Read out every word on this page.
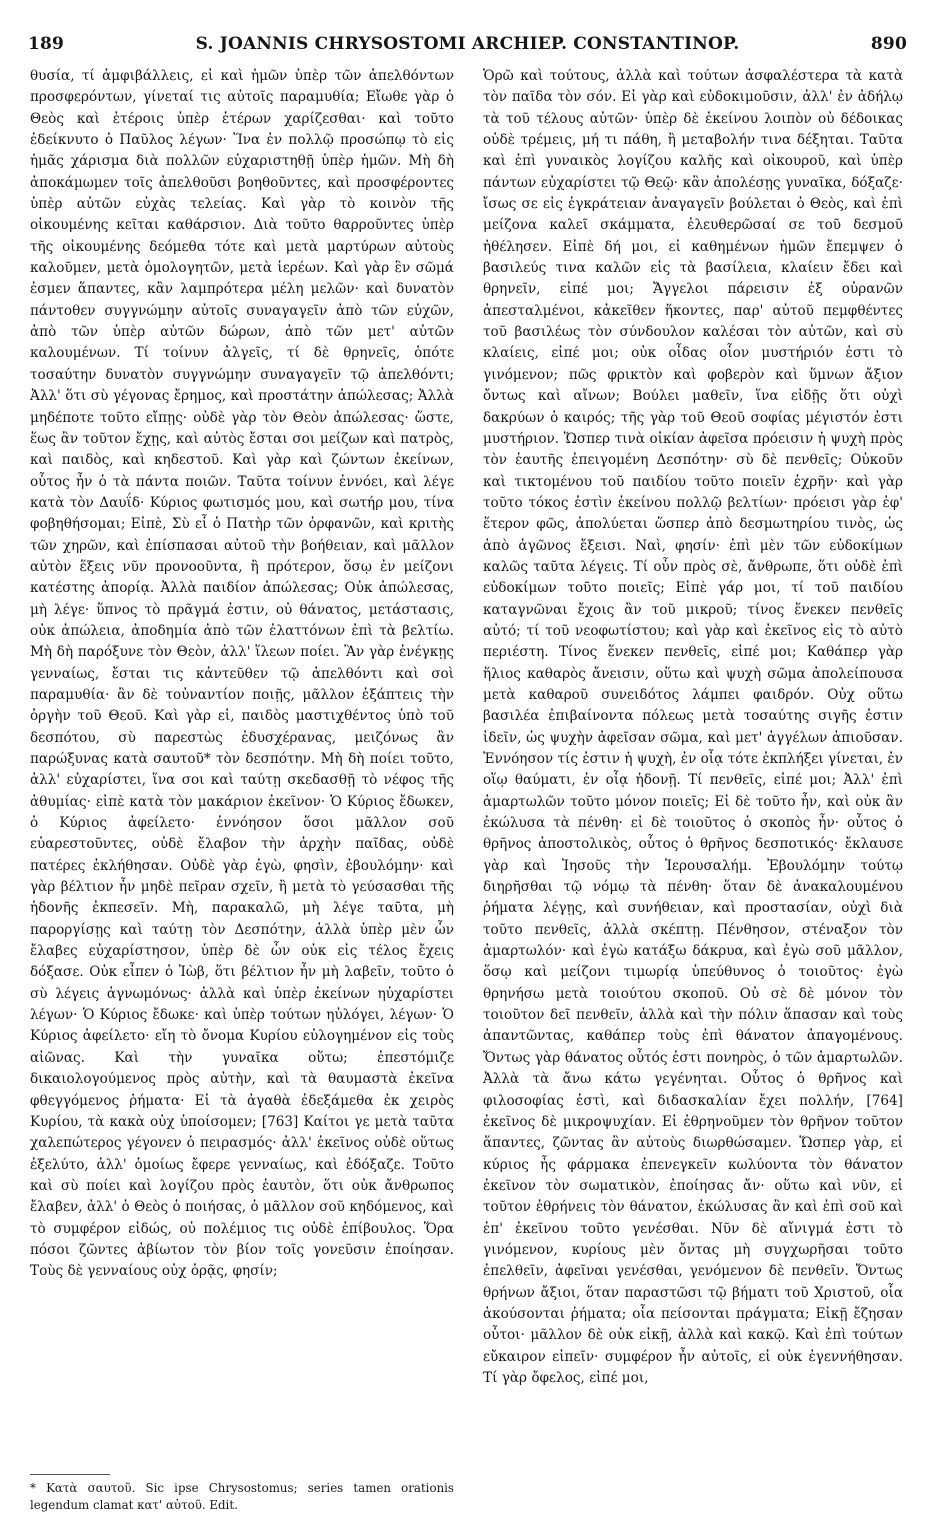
189	S. JOANNIS CHRYSOSTOMI ARCHIEP. CONSTANTINOP.	890

θυσία, τί ἀμφιβάλλεις, εἰ καὶ ἡμῶν ὑπὲρ τῶν ἀπελθόντων προσφερόντων, γίνεταί τις αὐτοῖς παραμυθία; Εἴωθε γὰρ ὁ Θεὸς καὶ ἑτέροις ὑπὲρ ἑτέρων χαρίζεσθαι· καὶ τοῦτο ἐδείκνυτο ὁ Παῦλος λέγων· Ἵνα ἐν πολλῷ προσώπῳ τὸ εἰς ἡμᾶς χάρισμα διὰ πολλῶν εὐχαριστηθῇ ὑπὲρ ἡμῶν. Μὴ δὴ ἀποκάμωμεν τοῖς ἀπελθοῦσι βοηθοῦντες, καὶ προσφέροντες ὑπὲρ αὐτῶν εὐχὰς τελείας. Καὶ γὰρ τὸ κοινὸν τῆς οἰκουμένης κεῖται καθάρσιον. Διὰ τοῦτο θαρροῦντες ὑπὲρ τῆς οἰκουμένης δεόμεθα τότε καὶ μετὰ μαρτύρων αὐτοὺς καλοῦμεν, μετὰ ὁμολογητῶν, μετὰ ἱερέων. Καὶ γὰρ ἓν σῶμά ἐσμεν ἅπαντες, κἂν λαμπρότερα μέλη μελῶν· καὶ δυνατὸν πάντοθεν συγγνώμην αὐτοῖς συναγαγεῖν ἀπὸ τῶν εὐχῶν, ἀπὸ τῶν ὑπὲρ αὐτῶν δώρων, ἀπὸ τῶν μετ' αὐτῶν καλουμένων. Τί τοίνυν ἀλγεῖς, τί δὲ θρηνεῖς, ὁπότε τοσαύτην δυνατὸν συγγνώμην συναγαγεῖν τῷ ἀπελθόντι; Ἀλλ' ὅτι σὺ γέγονας ἔρημος, καὶ προστάτην ἀπώλεσας; Ἀλλὰ μηδέποτε τοῦτο εἴπῃς· οὐδὲ γὰρ τὸν Θεὸν ἀπώλεσας· ὥστε, ἕως ἂν τοῦτον ἔχῃς, καὶ αὐτὸς ἔσται σοι μείζων καὶ πατρὸς, καὶ παιδὸς, καὶ κηδεστοῦ. Καὶ γὰρ καὶ ζώντων ἐκείνων, οὗτος ἦν ὁ τὰ πάντα ποιῶν. Ταῦτα τοίνυν ἐννόει, καὶ λέγε κατὰ τὸν Δαυΐδ· Κύριος φωτισμός μου, καὶ σωτήρ μου, τίνα φοβηθήσομαι; Εἰπὲ, Σὺ εἶ ὁ Πατὴρ τῶν ὀρφανῶν, καὶ κριτὴς τῶν χηρῶν, καὶ ἐπίσπασαι αὐτοῦ τὴν βοήθειαν, καὶ μᾶλλον αὐτὸν ἕξεις νῦν προνοοῦντα, ἢ πρότερον, ὅσῳ ἐν μείζονι κατέστης ἀπορίᾳ. Ἀλλὰ παιδίον ἀπώλεσας; Οὐκ ἀπώλεσας, μὴ λέγε· ὕπνος τὸ πρᾶγμά ἐστιν, οὐ θάνατος, μετάστασις, οὐκ ἀπώλεια, ἀποδημία ἀπὸ τῶν ἐλαττόνων ἐπὶ τὰ βελτίω. Μὴ δὴ παρόξυνε τὸν Θεὸν, ἀλλ' ἵλεων ποίει. Ἂν γὰρ ἐνέγκῃς γενναίως, ἔσται τις κἀντεῦθεν τῷ ἀπελθόντι καὶ σοὶ παραμυθία· ἂν δὲ τοὐναντίον ποιῇς, μᾶλλον ἐξάπτεις τὴν ὀργὴν τοῦ Θεοῦ. Καὶ γὰρ εἰ, παιδὸς μαστιχθέντος ὑπὸ τοῦ δεσπότου, σὺ παρεστὼς ἐδυσχέρανας, μειζόνως ἂν παρώξυνας κατὰ σαυτοῦ* τὸν δεσπότην. Μὴ δὴ ποίει τοῦτο, ἀλλ' εὐχαρίστει, ἵνα σοι καὶ ταύτῃ σκεδασθῇ τὸ νέφος τῆς ἀθυμίας· εἰπὲ κατὰ τὸν μακάριον ἐκεῖνον· Ὁ Κύριος ἔδωκεν, ὁ Κύριος ἀφείλετο· ἐννόησον ὅσοι μᾶλλον σοῦ εὐαρεστοῦντες, οὐδὲ ἔλαβον τὴν ἀρχὴν παῖδας, οὐδὲ πατέρες ἐκλήθησαν. Οὐδὲ γὰρ ἐγὼ, φησὶν, ἐβουλόμην· καὶ γὰρ βέλτιον ἦν μηδὲ πεῖραν σχεῖν, ἢ μετὰ τὸ γεύσασθαι τῆς ἡδονῆς ἐκπεσεῖν. Μὴ, παρακαλῶ, μὴ λέγε ταῦτα, μὴ παροργίσῃς καὶ ταύτῃ τὸν Δεσπότην, ἀλλὰ ὑπὲρ μὲν ὧν ἔλαβες εὐχαρίστησον, ὑπὲρ δὲ ὧν οὐκ εἰς τέλος ἔχεις δόξασε. Οὐκ εἶπεν ὁ Ἰὼβ, ὅτι βέλτιον ἦν μὴ λαβεῖν, τοῦτο ὁ σὺ λέγεις ἀγνωμόνως· ἀλλὰ καὶ ὑπὲρ ἐκείνων ηὐχαρίστει λέγων· Ὁ Κύριος ἔδωκε· καὶ ὑπὲρ τούτων ηὐλόγει, λέγων· Ὁ Κύριος ἀφείλετο· εἴη τὸ ὄνομα Κυρίου εὐλογημένον εἰς τοὺς αἰῶνας. Καὶ τὴν γυναῖκα οὕτω; ἐπεστόμιζε δικαιολογούμενος πρὸς αὐτὴν, καὶ τὰ θαυμαστὰ ἐκεῖνα φθεγγόμενος ῥήματα· Εἰ τὰ ἀγαθὰ ἐδεξάμεθα ἐκ χειρὸς Κυρίου, τὰ κακὰ οὐχ ὑποίσομεν; [763] Καίτοι γε μετὰ ταῦτα χαλεπώτερος γέγονεν ὁ πειρασμός· ἀλλ' ἐκεῖνος οὐδὲ οὕτως ἐξελύτο, ἀλλ' ὁμοίως ἔφερε γενναίως, καὶ ἐδόξαζε. Τοῦτο καὶ σὺ ποίει καὶ λογίζου πρὸς ἑαυτὸν, ὅτι οὐκ ἄνθρωπος ἔλαβεν, ἀλλ' ὁ Θεὸς ὁ ποιήσας, ὁ μᾶλλον σοῦ κηδόμενος, καὶ τὸ συμφέρον εἰδώς, οὐ πολέμιος τις οὐδὲ ἐπίβουλος. Ὅρα πόσοι ζῶντες ἀβίωτον τὸν βίον τοῖς γονεῦσιν ἐποίησαν. Τοὺς δὲ γενναίους οὐχ ὁρᾷς, φησίν;

Ὁρῶ καὶ τούτους, ἀλλὰ καὶ τούτων ἀσφαλέστερα τὰ κατὰ τὸν παῖδα τὸν σόν. Εἰ γὰρ καὶ εὐδοκιμοῦσιν, ἀλλ' ἐν ἀδήλῳ τὰ τοῦ τέλους αὐτῶν· ὑπὲρ δὲ ἐκείνου λοιπὸν οὐ δέδοικας οὐδὲ τρέμεις, μή τι πάθη, ἢ μεταβολήν τινα δέξηται. Ταῦτα καὶ ἐπὶ γυναικὸς λογίζου καλῆς καὶ οἰκουροῦ, καὶ ὑπὲρ πάντων εὐχαρίστει τῷ Θεῷ· κἂν ἀπολέσῃς γυναῖκα, δόξαζε· ἴσως σε εἰς ἐγκράτειαν ἀναγαγεῖν βούλεται ὁ Θεὸς, καὶ ἐπὶ μείζονα καλεῖ σκάμματα, ἐλευθερῶσαί σε τοῦ δεσμοῦ ἠθέλησεν. Εἰπὲ δή μοι, εἰ καθημένων ἡμῶν ἔπεμψεν ὁ βασιλεύς τινα καλῶν εἰς τὰ βασίλεια, κλαίειν ἔδει καὶ θρηνεῖν, εἰπέ μοι; Ἄγγελοι πάρεισιν ἐξ οὐρανῶν ἀπεσταλμένοι, κἀκεῖθεν ἥκοντες, παρ' αὐτοῦ πεμφθέντες τοῦ βασιλέως τὸν σύνδουλον καλέσαι τὸν αὐτῶν, καὶ σὺ κλαίεις, εἰπέ μοι; οὐκ οἶδας οἷον μυστήριόν ἐστι τὸ γινόμενον; πῶς φρικτὸν καὶ φοβερὸν καὶ ὕμνων ἄξιον ὄντως καὶ αἴνων; Βούλει μαθεῖν, ἵνα εἰδῇς ὅτι οὐχὶ δακρύων ὁ καιρός; τῆς γὰρ τοῦ Θεοῦ σοφίας μέγιστόν ἐστι μυστήριον. Ὥσπερ τινὰ οἰκίαν ἀφεῖσα πρόεισιν ἡ ψυχὴ πρὸς τὸν ἑαυτῆς ἐπειγομένη Δεσπότην· σὺ δὲ πενθεῖς; Οὐκοῦν καὶ τικτομένου τοῦ παιδίου τοῦτο ποιεῖν ἐχρῆν· καὶ γὰρ τοῦτο τόκος ἐστὶν ἐκείνου πολλῷ βελτίων· πρόεισι γὰρ ἐφ' ἕτερον φῶς, ἀπολύεται ὥσπερ ἀπὸ δεσμωτηρίου τινὸς, ὡς ἀπὸ ἀγῶνος ἔξεισι. Ναὶ, φησίν· ἐπὶ μὲν τῶν εὐδοκίμων καλῶς ταῦτα λέγεις. Τί οὖν πρὸς σὲ, ἄνθρωπε, ὅτι οὐδὲ ἐπὶ εὐδοκίμων τοῦτο ποιεῖς; Εἰπὲ γάρ μοι, τί τοῦ παιδίου καταγνῶναι ἔχοις ἂν τοῦ μικροῦ; τίνος ἕνεκεν πενθεῖς αὐτό; τί τοῦ νεοφωτίστου; καὶ γὰρ καὶ ἐκεῖνος εἰς τὸ αὐτὸ περιέστη. Τίνος ἕνεκεν πενθεῖς, εἰπέ μοι; Καθάπερ γὰρ ἥλιος καθαρὸς ἄνεισιν, οὕτω καὶ ψυχὴ σῶμα ἀπολείπουσα μετὰ καθαροῦ συνειδότος λάμπει φαιδρόν. Οὐχ οὕτω βασιλέα ἐπιβαίνοντα πόλεως μετὰ τοσαύτης σιγῆς ἐστιν ἰδεῖν, ὡς ψυχὴν ἀφεῖσαν σῶμα, καὶ μετ' ἀγγέλων ἀπιοῦσαν. Ἐννόησον τίς ἐστιν ἡ ψυχὴ, ἐν οἷᾳ τότε ἐκπλήξει γίνεται, ἐν οἵῳ θαύματι, ἐν οἷᾳ ἡδονῇ. Τί πενθεῖς, εἰπέ μοι; Ἀλλ' ἐπὶ ἁμαρτωλῶν τοῦτο μόνον ποιεῖς; Εἰ δὲ τοῦτο ἦν, καὶ οὐκ ἂν ἐκώλυσα τὰ πένθη· εἰ δὲ τοιοῦτος ὁ σκοπὸς ἦν· οὗτος ὁ θρῆνος ἀποστολικὸς, οὗτος ὁ θρῆνος δεσποτικός· ἔκλαυσε γὰρ καὶ Ἰησοῦς τὴν Ἱερουσαλήμ. Ἐβουλόμην τούτῳ διηρῆσθαι τῷ νόμῳ τὰ πένθη· ὅταν δὲ ἀνακαλουμένου ῥήματα λέγῃς, καὶ συνήθειαν, καὶ προστασίαν, οὐχὶ διὰ τοῦτο πενθεῖς, ἀλλὰ σκέπτῃ. Πένθησον, στέναξον τὸν ἁμαρτωλόν· καὶ ἐγὼ κατάξω δάκρυα, καὶ ἐγὼ σοῦ μᾶλλον, ὅσῳ καὶ μείζονι τιμωρίᾳ ὑπεύθυνος ὁ τοιοῦτος· ἐγὼ θρηνήσω μετὰ τοιούτου σκοποῦ. Οὐ σὲ δὲ μόνον τὸν τοιοῦτον δεῖ πενθεῖν, ἀλλὰ καὶ τὴν πόλιν ἅπασαν καὶ τοὺς ἀπαντῶντας, καθάπερ τοὺς ἐπὶ θάνατον ἀπαγομένους. Ὄντως γὰρ θάνατος οὗτός ἐστι πονηρὸς, ὁ τῶν ἁμαρτωλῶν. Ἀλλὰ τὰ ἄνω κάτω γεγένηται. Οὗτος ὁ θρῆνος καὶ φιλοσοφίας ἐστὶ, καὶ διδασκαλίαν ἔχει πολλήν, [764] ἐκεῖνος δὲ μικροψυχίαν. Εἰ ἐθρηνοῦμεν τὸν θρῆνον τοῦτον ἅπαντες, ζῶντας ἂν αὐτοὺς διωρθώσαμεν. Ὥσπερ γὰρ, εἰ κύριος ἦς φάρμακα ἐπενεγκεῖν κωλύοντα τὸν θάνατον ἐκεῖνον τὸν σωματικὸν, ἐποίησας ἄν· οὕτω καὶ νῦν, εἰ τοῦτον ἐθρήνεις τὸν θάνατον, ἐκώλυσας ἂν καὶ ἐπὶ σοῦ καὶ ἐπ' ἐκεῖνου τοῦτο γενέσθαι. Νῦν δὲ αἴνιγμά ἐστι τὸ γινόμενον, κυρίους μὲν ὄντας μὴ συγχωρῆσαι τοῦτο ἐπελθεῖν, ἀφεῖναι γενέσθαι, γενόμενον δὲ πενθεῖν. Ὄντως θρήνων ἄξιοι, ὅταν παραστῶσι τῷ βήματι τοῦ Χριστοῦ, οἷα ἀκούσονται ῥήματα; οἷα πείσονται πράγματα; Εἰκῇ ἔζησαν οὗτοι· μᾶλλον δὲ οὐκ εἰκῇ, ἀλλὰ καὶ κακῷ. Καὶ ἐπὶ τούτων εὔκαιρον εἰπεῖν· συμφέρον ἦν αὐτοῖς, εἰ οὐκ ἐγεννήθησαν. Τί γὰρ ὄφελος, εἰπέ μοι,

* Κατὰ σαυτοῦ. Sic ipse Chrysostomus; series tamen orationis legendum clamat κατ' αὐτοῦ. Edit.
